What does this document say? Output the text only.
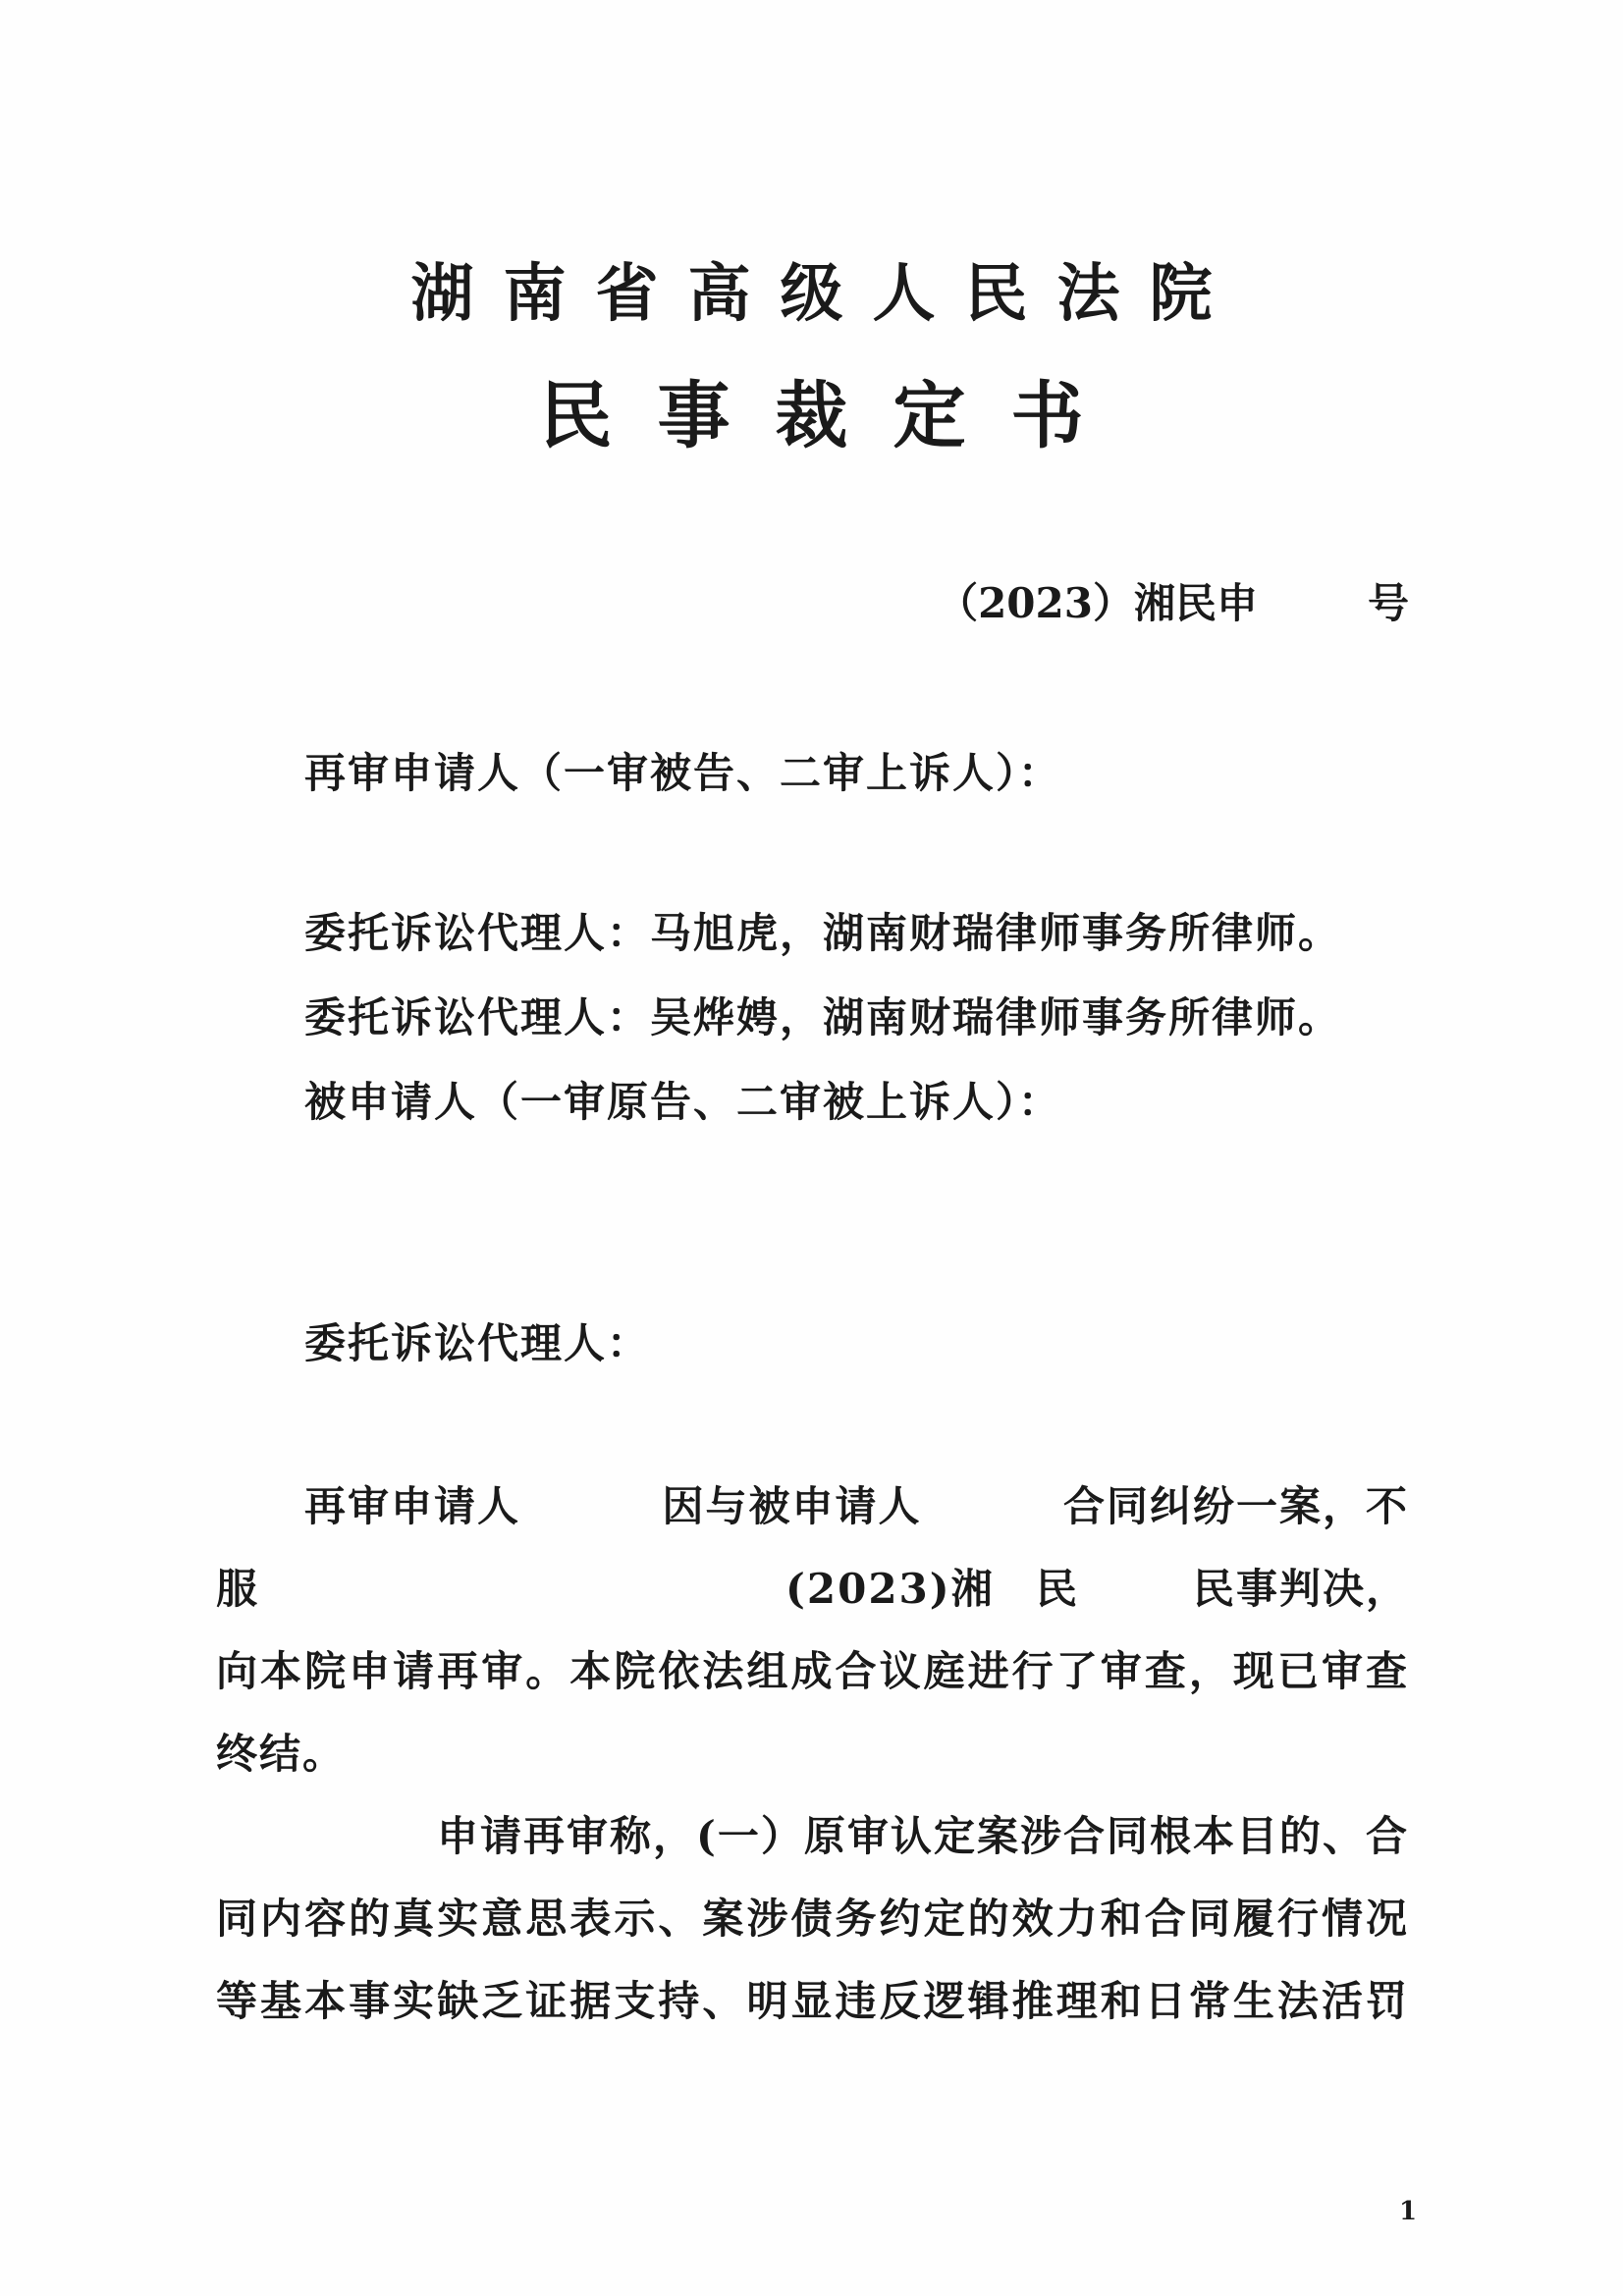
湖南省高级人民法院
民事裁定书
（2023）湘民申	号
再审申请人（一审被告、二审上诉人）：
委托诉讼代理人：马旭虎，湖南财瑞律师事务所律师。
委托诉讼代理人：吴烨娉，湖南财瑞律师事务所律师。
被申请人（一审原告、二审被上诉人）：
委托诉讼代理人：
再审申请人	因与被申请人	合同纠纷一案，不
服	(2023)湘 民	民事判决，
向本院申请再审。本院依法组成合议庭进行了审查，现已审查
终结。
申请再审称，(一）原审认定案涉合同根本目的、合
同内容的真实意思表示、案涉债务约定的效力和合同履行情况
等基本事实缺乏证据支持、明显违反逻辑推理和日常生法活罚
1
